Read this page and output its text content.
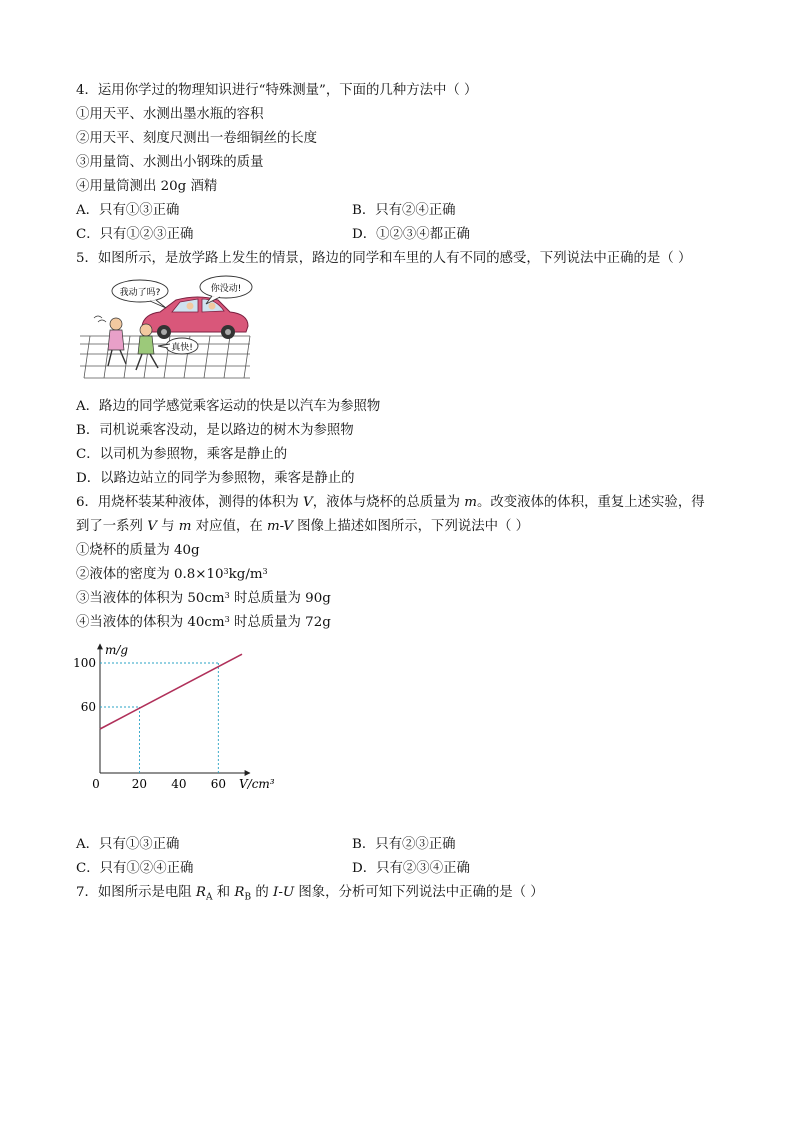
4．运用你学过的物理知识进行“特殊测量”，下面的几种方法中（ ）
①用天平、水测出墨水瓶的容积
②用天平、刻度尺测出一卷细铜丝的长度
③用量筒、水测出小钢珠的质量
④用量筒测出 20g 酒精
A．只有①③正确	B．只有②④正确
C．只有①②③正确	D．①②③④都正确
5．如图所示，是放学路上发生的情景，路边的同学和车里的人有不同的感受，下列说法中正确的是（ ）
我动了吗?	你没动!
真快!
A．路边的同学感觉乘客运动的快是以汽车为参照物
B．司机说乘客没动，是以路边的树木为参照物
C．以司机为参照物，乘客是静止的
D．以路边站立的同学为参照物，乘客是静止的
6．用烧杯装某种液体，测得的体积为 V，液体与烧杯的总质量为 m。改变液体的体积，重复上述实验，得
到了一系列 V 与 m 对应值，在 m-V 图像上描述如图所示，下列说法中（ ）
①烧杯的质量为 40g
②液体的密度为 $0.8\times 10^3kg/m^3$
③当液体的体积为 $50cm^3$ 时总质量为 90g
④当液体的体积为 $40cm^3$ 时总质量为 72g
0	20 40 60
60
100
m/g
V/cm³
A．只有①③正确	B．只有②③正确
C．只有①②④正确	D．只有②③④正确
7．如图所示是电阻 $R_A$ 和 $R_B$ 的 I-U 图象，分析可知下列说法中正确的是（ ）
